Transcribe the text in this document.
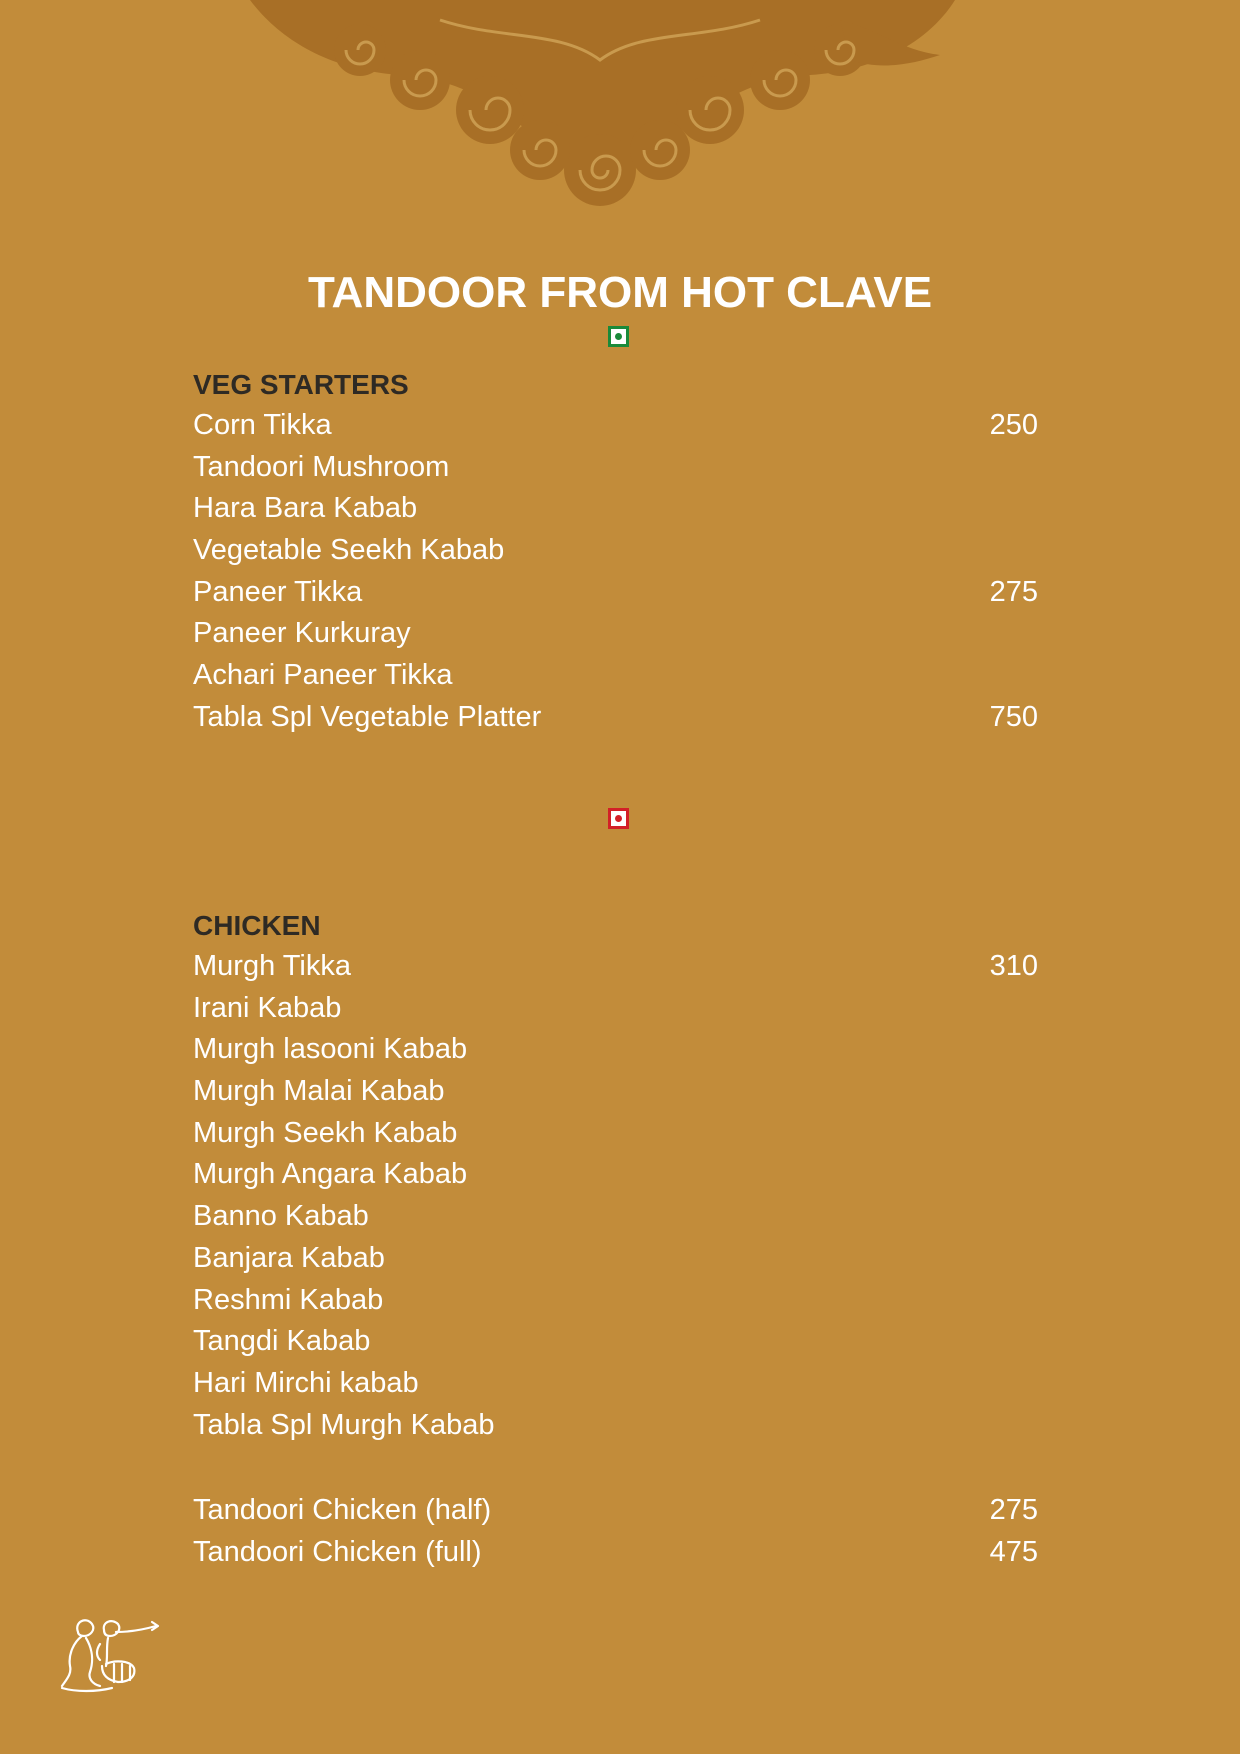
TANDOOR FROM HOT CLAVE
VEG STARTERS
Corn Tikka	250
Tandoori Mushroom
Hara Bara Kabab
Vegetable Seekh Kabab
Paneer Tikka	275
Paneer Kurkuray
Achari Paneer Tikka
Tabla Spl Vegetable Platter	750
CHICKEN
Murgh Tikka	310
Irani Kabab
Murgh lasooni Kabab
Murgh Malai Kabab
Murgh Seekh Kabab
Murgh Angara Kabab
Banno Kabab
Banjara Kabab
Reshmi Kabab
Tangdi Kabab
Hari Mirchi kabab
Tabla Spl Murgh Kabab
Tandoori Chicken (half)	275
Tandoori Chicken (full)	475
